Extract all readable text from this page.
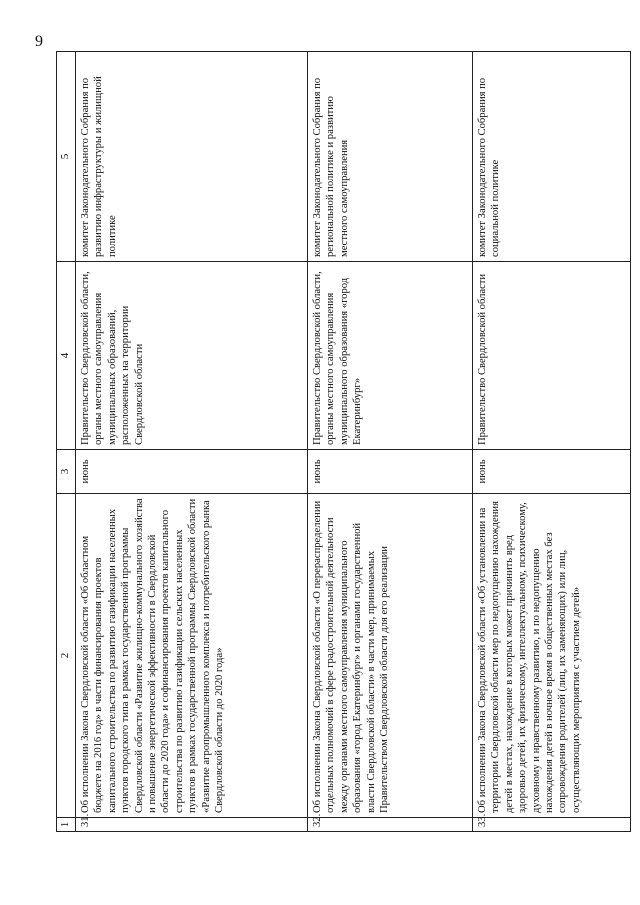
1	2	3	4	5
31.	Об исполнении Закона Свердловской области «Об областном бюджете на 2016 год» в части финансирования проектов капитального строительства по развитию газификации населенных пунктов городского типа в рамках государственной программы Свердловской области «Развитие жилищно-коммунального хозяйства и повышение энергетической эффективности в Свердловской области до 2020 года» и софинансирования проектов капитального строительства по развитию газификации сельских населенных пунктов в рамках государственной программы Свердловской области «Развитие агропромышленного комплекса и потребительского рынка Свердловской области до 2020 года»	июнь	Правительство Свердловской области, органы местного самоуправления муниципальных образований, расположенных на территории Свердловской области	комитет Законодательного Собрания по развитию инфраструктуры и жилищной политике
32.	Об исполнении Закона Свердловской области «О перераспределении отдельных полномочий в сфере градостроительной деятельности между органами местного самоуправления муниципального образования «город Екатеринбург» и органами государственной власти Свердловской области» в части мер, принимаемых Правительством Свердловской области для его реализации	июнь	Правительство Свердловской области, органы местного самоуправления муниципального образования «город Екатеринбург»	комитет Законодательного Собрания по региональной политике и развитию местного самоуправления
33.	Об исполнении Закона Свердловской области «Об установлении на территории Свердловской области мер по недопущению нахождения детей в местах, нахождение в которых может причинить вред здоровью детей, их физическому, интеллектуальному, психическому, духовному и нравственному развитию, и по недопущению нахождения детей в ночное время в общественных местах без сопровождения родителей (лиц, их заменяющих) или лиц, осуществляющих мероприятия с участием детей»	июнь	Правительство Свердловской области	комитет Законодательного Собрания по социальной политике
9
